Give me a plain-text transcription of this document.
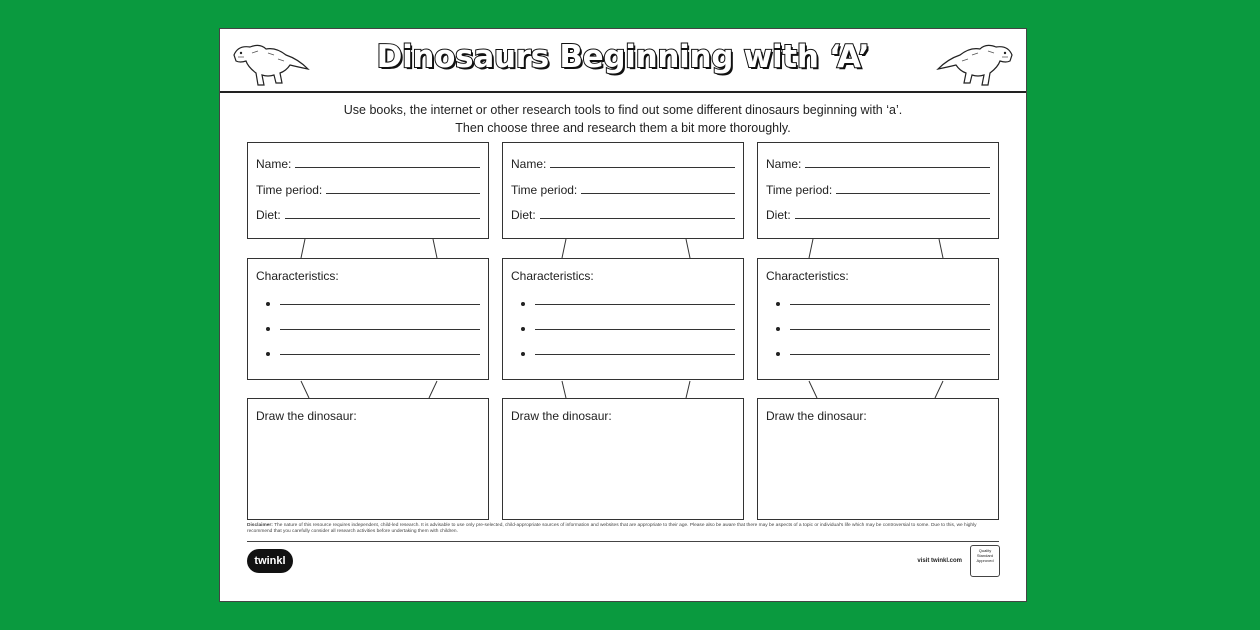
Dinosaurs Beginning with ‘A’
Use books, the internet or other research tools to find out some different dinosaurs beginning with ‘a’.
Then choose three and research them a bit more thoroughly.
Name:
Time period:
Diet:
Characteristics:
Draw the dinosaur:
Name:
Time period:
Diet:
Characteristics:
Draw the dinosaur:
Name:
Time period:
Diet:
Characteristics:
Draw the dinosaur:
Disclaimer: The nature of this resource requires independent, child-led research. It is advisable to use only pre-selected, child-appropriate sources of information and websites that are appropriate to their age. Please also be aware that there may be aspects of a topic or individual's life which may be controversial to some. Due to this, we highly recommend that you carefully consider all research activities before undertaking them with children.
twinkl	visit twinkl.com
Quality Standard Approved
